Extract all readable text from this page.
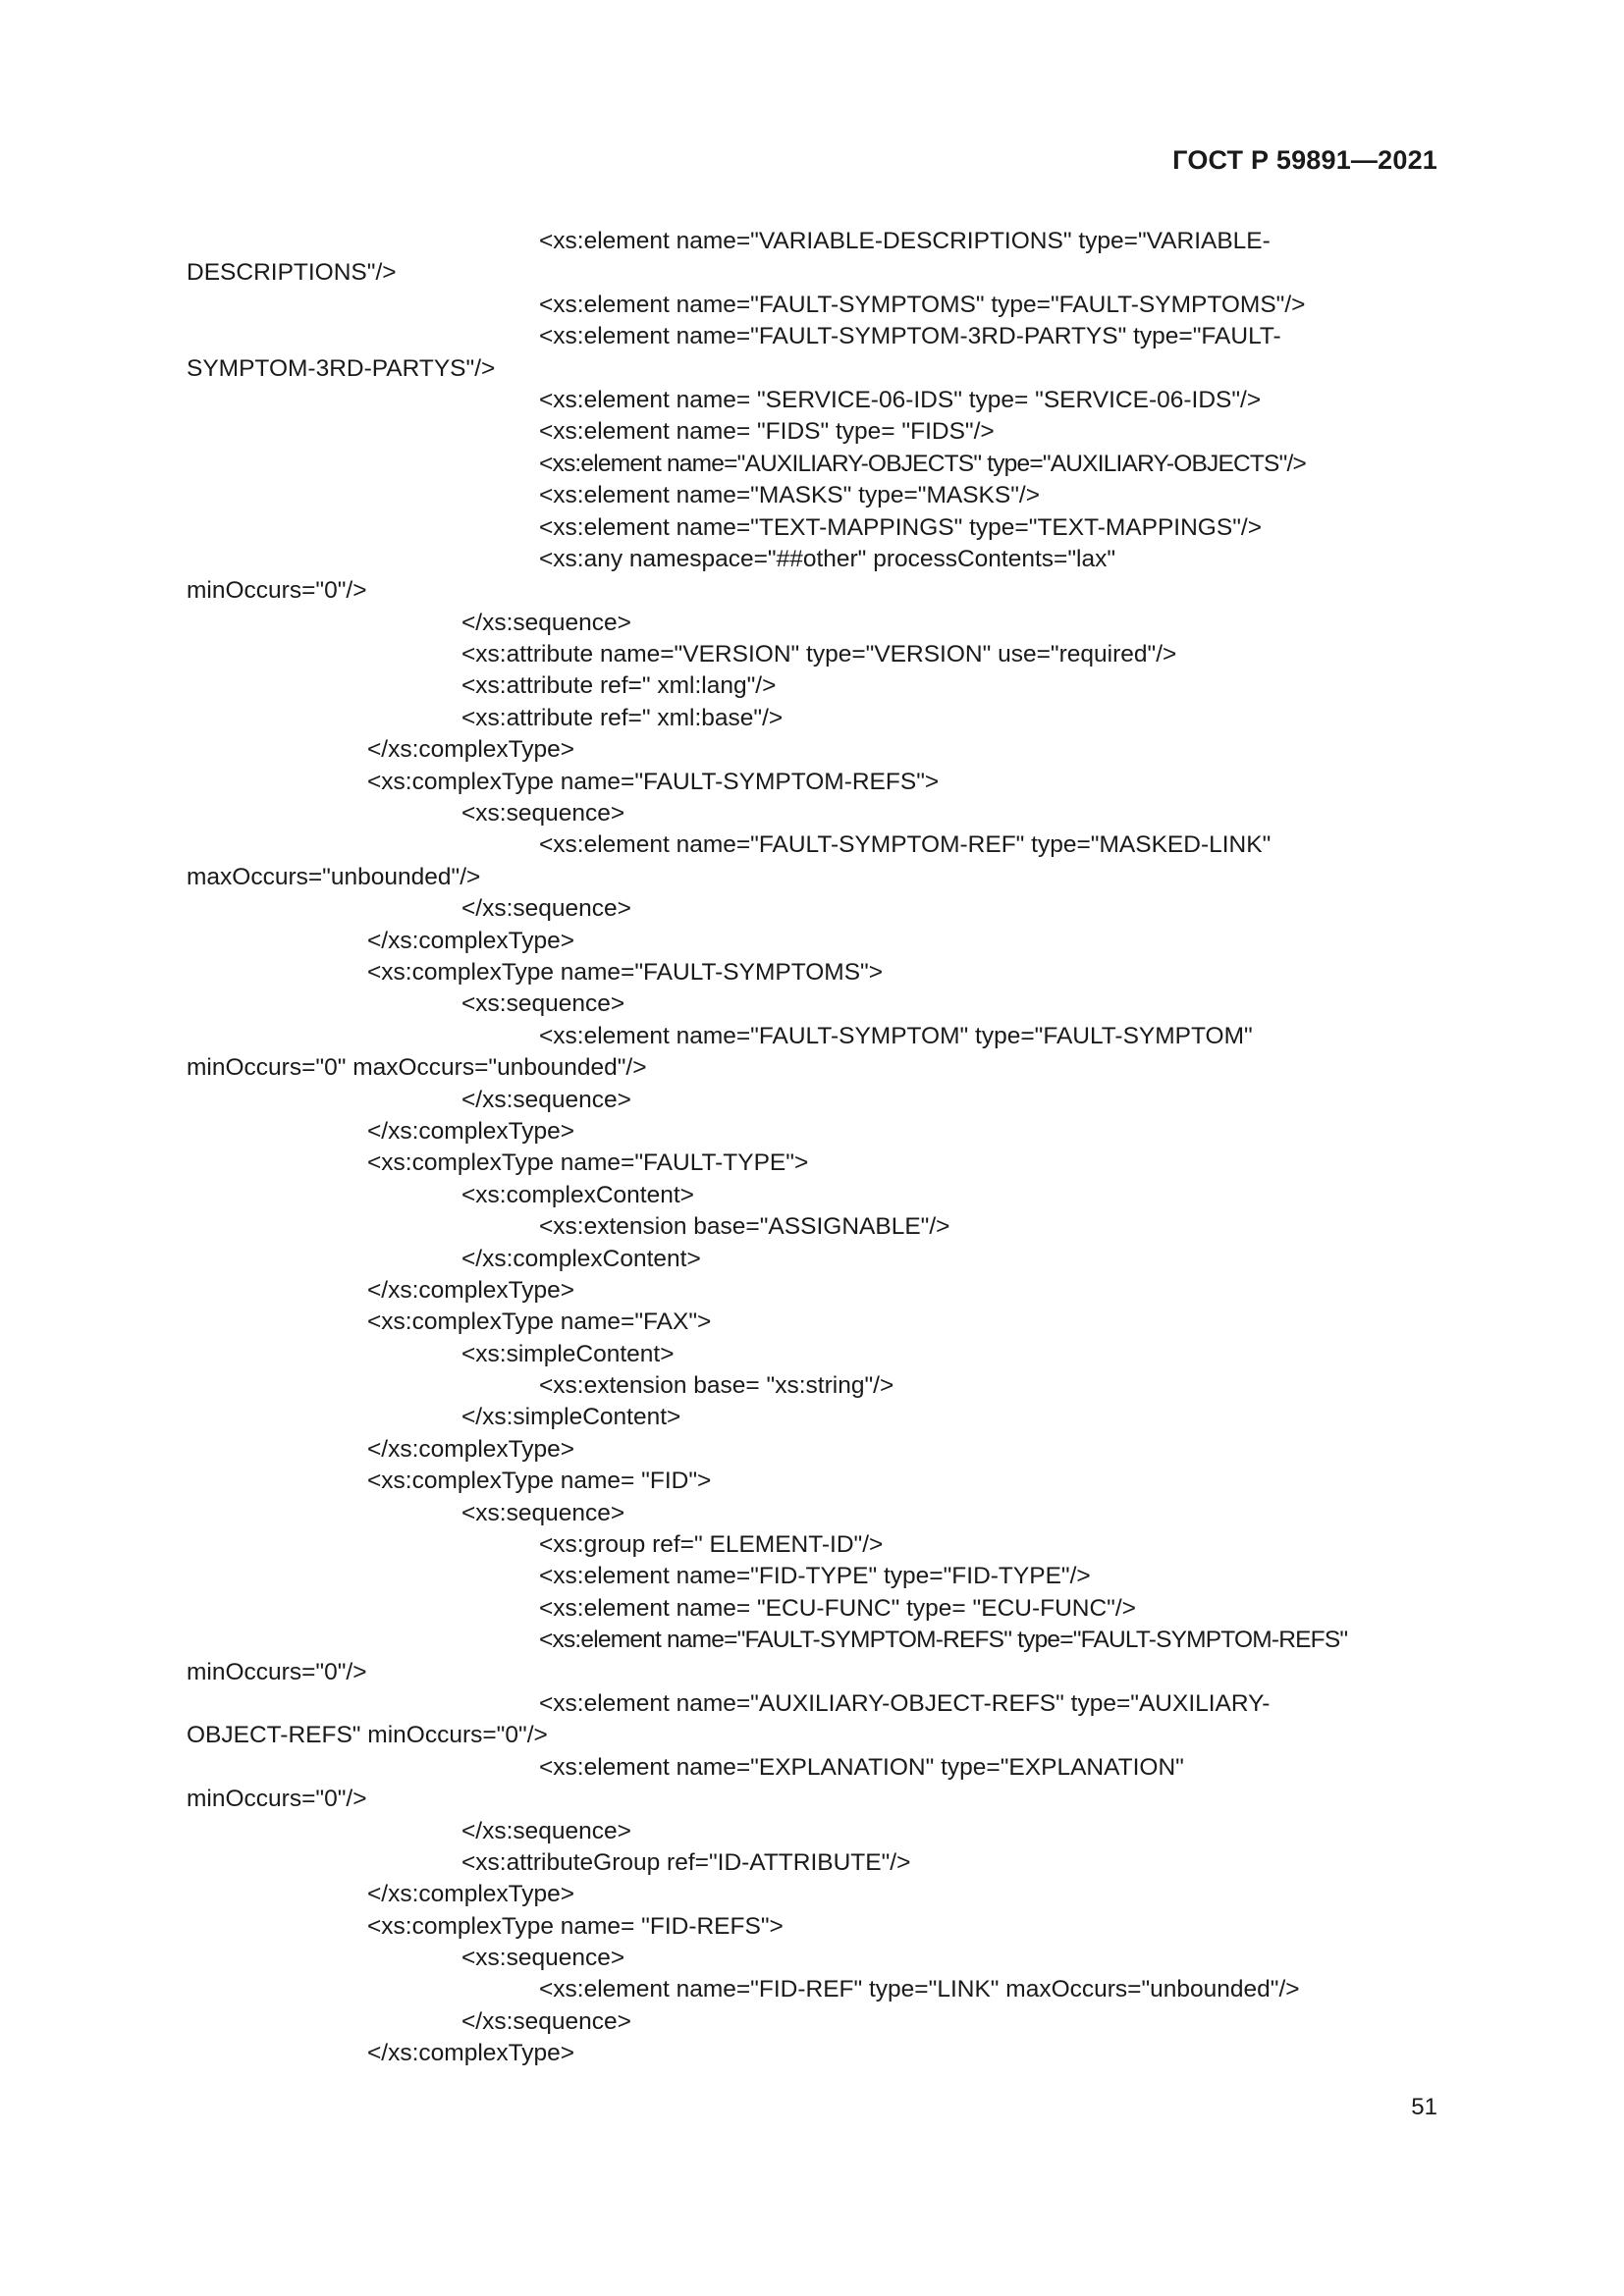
ГОСТ Р 59891—2021
<xs:element name="VARIABLE-DESCRIPTIONS" type="VARIABLE-
DESCRIPTIONS"/>
<xs:element name="FAULT-SYMPTOMS" type="FAULT-SYMPTOMS"/>
<xs:element name="FAULT-SYMPTOM-3RD-PARTYS" type="FAULT-
SYMPTOM-3RD-PARTYS"/>
<xs:element name= "SERVICE-06-IDS" type= "SERVICE-06-IDS"/>
<xs:element name= "FIDS" type= "FIDS"/>
<xs:element name="AUXILIARY-OBJECTS" type="AUXILIARY-OBJECTS"/>
<xs:element name="MASKS" type="MASKS"/>
<xs:element name="TEXT-MAPPINGS" type="TEXT-MAPPINGS"/>
<xs:any namespace="##other" processContents="lax"
minOccurs="0"/>
</xs:sequence>
<xs:attribute name="VERSION" type="VERSION" use="required"/>
<xs:attribute ref=" xml:lang"/>
<xs:attribute ref=" xml:base"/>
</xs:complexType>
<xs:complexType name="FAULT-SYMPTOM-REFS">
<xs:sequence>
<xs:element name="FAULT-SYMPTOM-REF" type="MASKED-LINK"
maxOccurs="unbounded"/>
</xs:sequence>
</xs:complexType>
<xs:complexType name="FAULT-SYMPTOMS">
<xs:sequence>
<xs:element name="FAULT-SYMPTOM" type="FAULT-SYMPTOM"
minOccurs="0" maxOccurs="unbounded"/>
</xs:sequence>
</xs:complexType>
<xs:complexType name="FAULT-TYPE">
<xs:complexContent>
<xs:extension base="ASSIGNABLE"/>
</xs:complexContent>
</xs:complexType>
<xs:complexType name="FAX">
<xs:simpleContent>
<xs:extension base= "xs:string"/>
</xs:simpleContent>
</xs:complexType>
<xs:complexType name= "FID">
<xs:sequence>
<xs:group ref=" ELEMENT-ID"/>
<xs:element name="FID-TYPE" type="FID-TYPE"/>
<xs:element name= "ECU-FUNC" type= "ECU-FUNC"/>
<xs:element name="FAULT-SYMPTOM-REFS" type="FAULT-SYMPTOM-REFS"
minOccurs="0"/>
<xs:element name="AUXILIARY-OBJECT-REFS" type="AUXILIARY-
OBJECT-REFS" minOccurs="0"/>
<xs:element name="EXPLANATION" type="EXPLANATION"
minOccurs="0"/>
</xs:sequence>
<xs:attributeGroup ref="ID-ATTRIBUTE"/>
</xs:complexType>
<xs:complexType name= "FID-REFS">
<xs:sequence>
<xs:element name="FID-REF" type="LINK" maxOccurs="unbounded"/>
</xs:sequence>
</xs:complexType>
51
